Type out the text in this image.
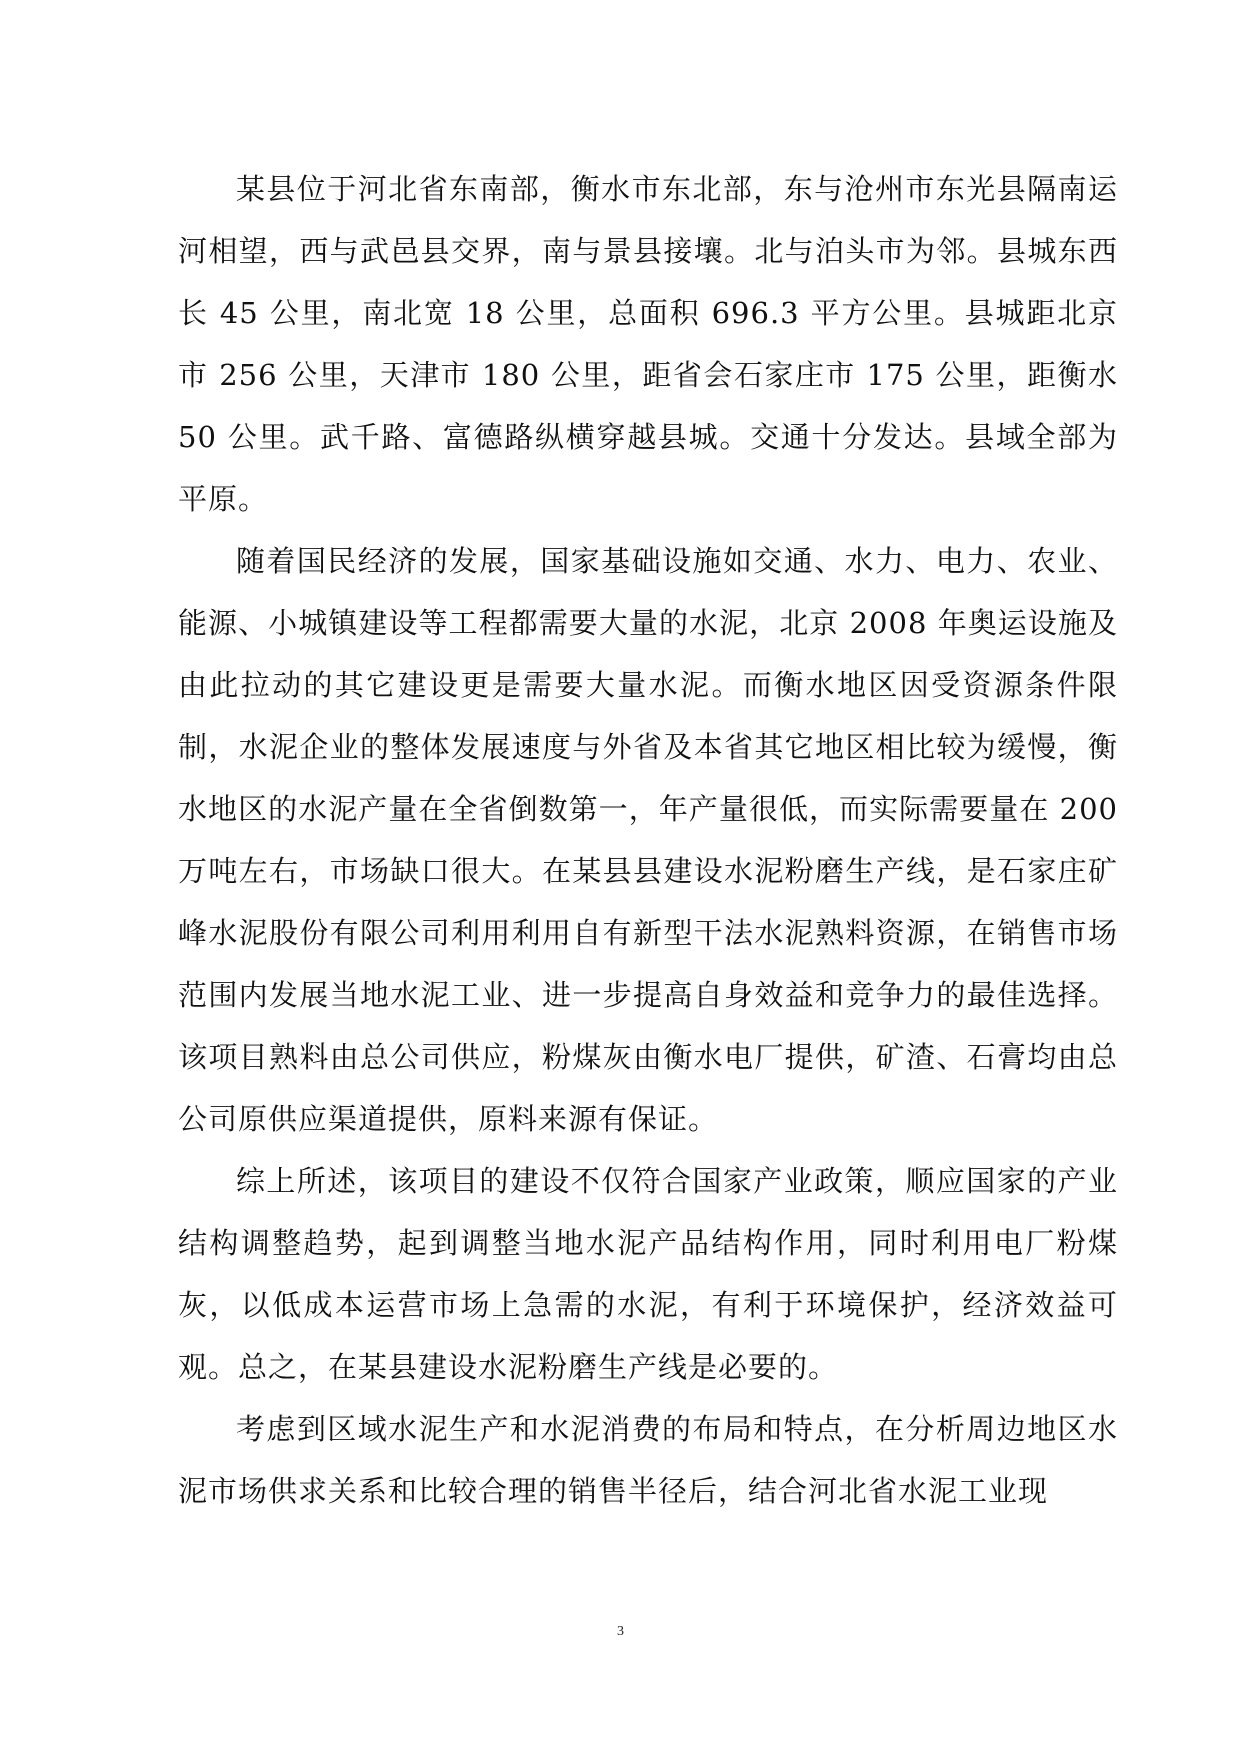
某县位于河北省东南部，衡水市东北部，东与沧州市东光县隔南运河相望，西与武邑县交界，南与景县接壤。北与泊头市为邻。县城东西长 45 公里，南北宽 18 公里，总面积 696.3 平方公里。县城距北京市 256 公里，天津市 180 公里，距省会石家庄市 175 公里，距衡水 50 公里。武千路、富德路纵横穿越县城。交通十分发达。县域全部为平原。

随着国民经济的发展，国家基础设施如交通、水力、电力、农业、能源、小城镇建设等工程都需要大量的水泥，北京 2008 年奥运设施及由此拉动的其它建设更是需要大量水泥。而衡水地区因受资源条件限制，水泥企业的整体发展速度与外省及本省其它地区相比较为缓慢，衡水地区的水泥产量在全省倒数第一，年产量很低，而实际需要量在 200 万吨左右，市场缺口很大。在某县县建设水泥粉磨生产线，是石家庄矿峰水泥股份有限公司利用利用自有新型干法水泥熟料资源，在销售市场范围内发展当地水泥工业、进一步提高自身效益和竞争力的最佳选择。该项目熟料由总公司供应，粉煤灰由衡水电厂提供，矿渣、石膏均由总公司原供应渠道提供，原料来源有保证。

综上所述，该项目的建设不仅符合国家产业政策，顺应国家的产业结构调整趋势，起到调整当地水泥产品结构作用，同时利用电厂粉煤灰，以低成本运营市场上急需的水泥，有利于环境保护，经济效益可观。总之，在某县建设水泥粉磨生产线是必要的。

考虑到区域水泥生产和水泥消费的布局和特点，在分析周边地区水泥市场供求关系和比较合理的销售半径后，结合河北省水泥工业现

3
